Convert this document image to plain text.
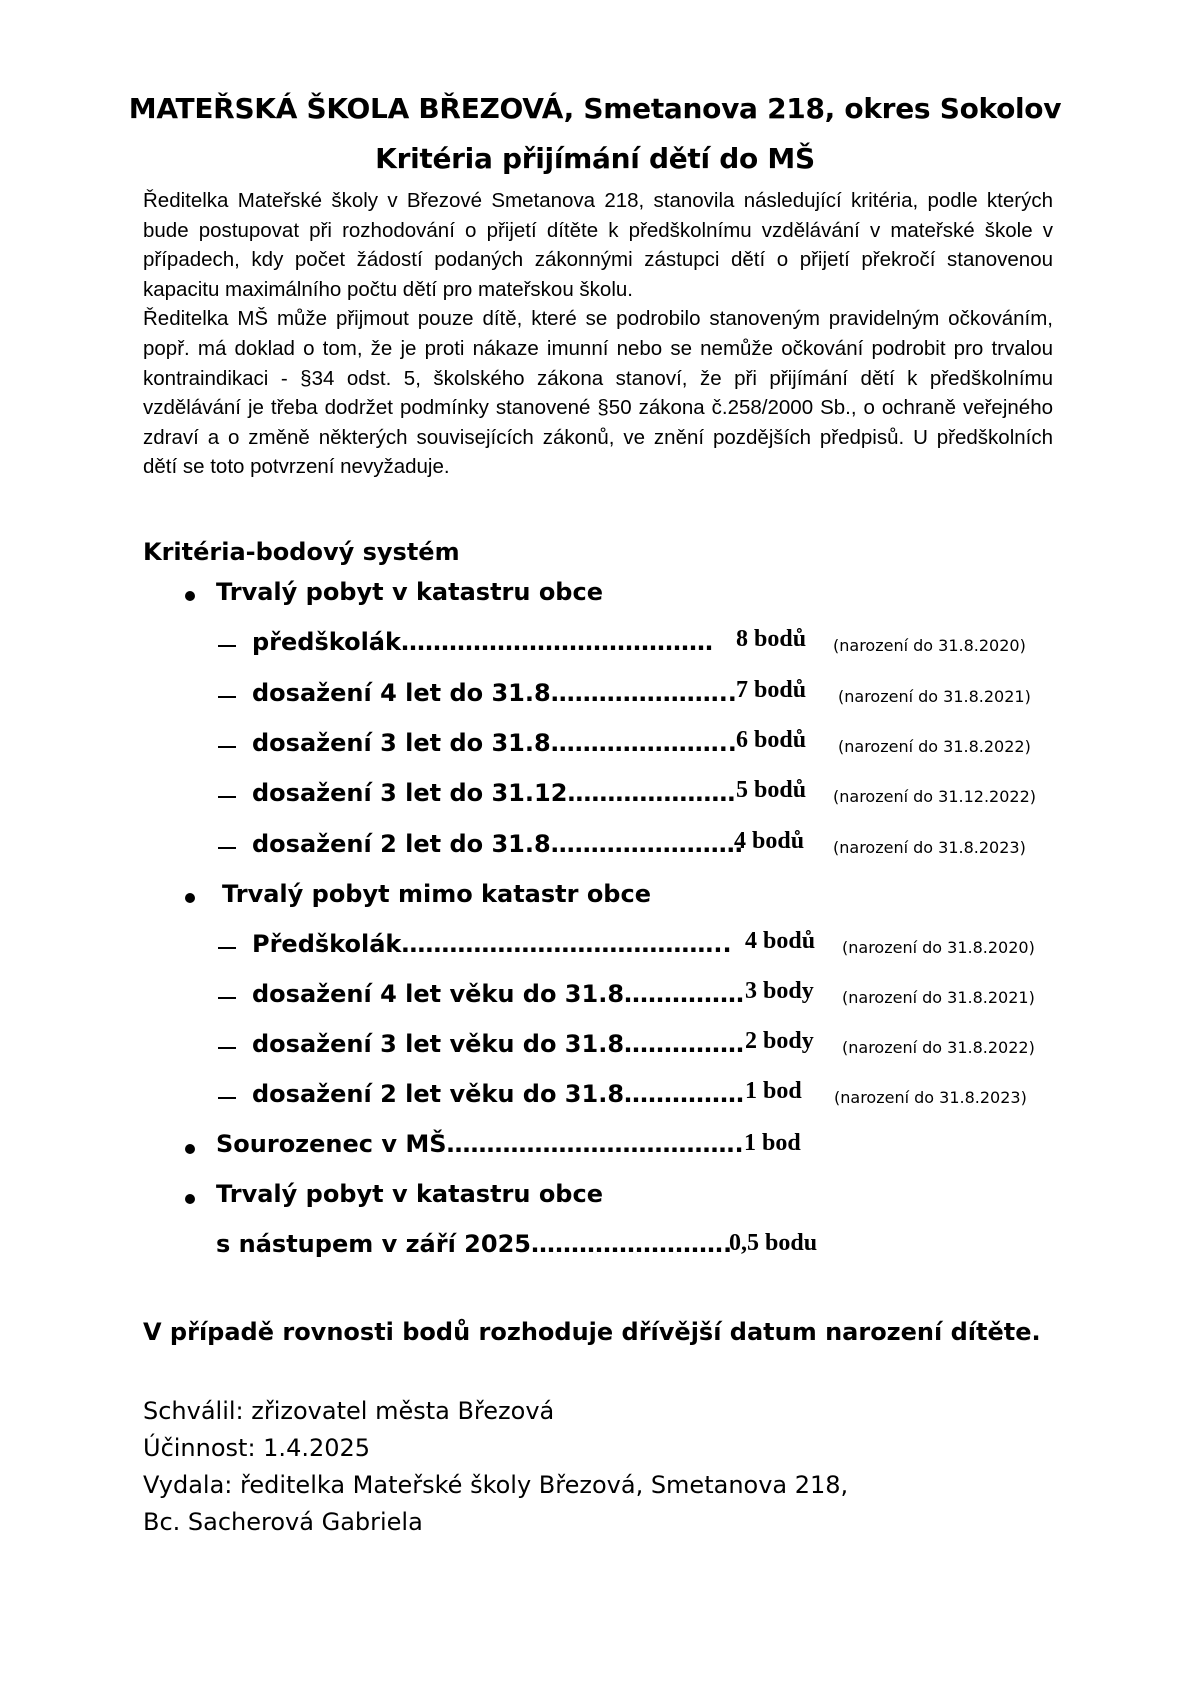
MATEŘSKÁ ŠKOLA BŘEZOVÁ, Smetanova 218, okres Sokolov
Kritéria přijímání dětí do MŠ

Ředitelka Mateřské školy v Březové Smetanova 218, stanovila následující kritéria, podle kterých bude postupovat při rozhodování o přijetí dítěte k předškolnímu vzdělávání v mateřské škole v případech, kdy počet žádostí podaných zákonnými zástupci dětí o přijetí překročí stanovenou kapacitu maximálního počtu dětí pro mateřskou školu.

Ředitelka MŠ může přijmout pouze dítě, které se podrobilo stanoveným pravidelným očkováním, popř. má doklad o tom, že je proti nákaze imunní nebo se nemůže očkování podrobit pro trvalou kontraindikaci - §34 odst. 5, školského zákona stanoví, že při přijímání dětí k předškolnímu vzdělávání je třeba dodržet podmínky stanovené §50 zákona č.258/2000 Sb., o ochraně veřejného zdraví a o změně některých souvisejících zákonů, ve znění pozdějších předpisů. U předškolních dětí se toto potvrzení nevyžaduje.

Kritéria-bodový systém
Trvalý pobyt v katastru obce
předškolák………………………………… 8 bodů (narození do 31.8.2020)
dosažení 4 let do 31.8………………….. 7 bodů (narození do 31.8.2021)
dosažení 3 let do 31.8………………….. 6 bodů (narození do 31.8.2022)
dosažení 3 let do 31.12………………… 5 bodů (narození do 31.12.2022)
dosažení 2 let do 31.8……………………
4 bodů (narození do 31.8.2023)
Trvalý pobyt mimo katastr obce
Předškolák………………………………….. 4 bodů (narození do 31.8.2020)
dosažení 4 let věku do 31.8…………… 3 body (narození do 31.8.2021)
dosažení 3 let věku do 31.8…………… 2 body (narození do 31.8.2022)
dosažení 2 let věku do 31.8…………… 1 bod (narození do 31.8.2023)
Sourozenec v MŠ………………………………. 1 bod
Trvalý pobyt v katastru obce
s nástupem v září 2025…………………….
0,5 bodu
V případě rovnosti bodů rozhoduje dřívější datum narození dítěte.
Schválil: zřizovatel města Březová
Účinnost: 1.4.2025
Vydala: ředitelka Mateřské školy Březová, Smetanova 218,
Bc. Sacherová Gabriela
